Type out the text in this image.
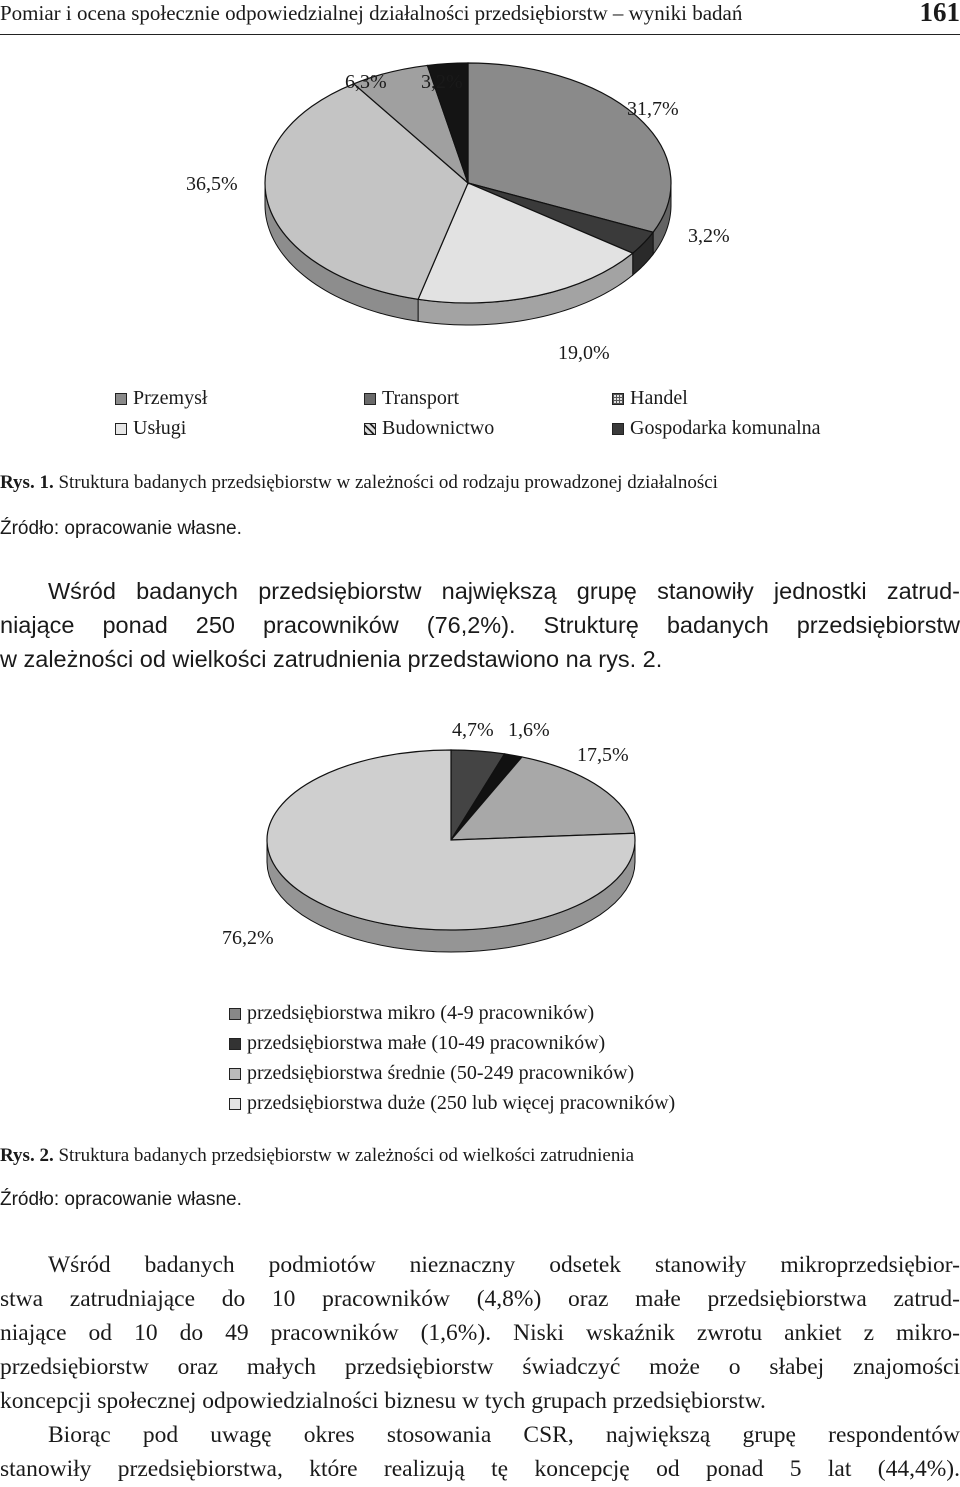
Pomiar i ocena społecznie odpowiedzialnej działalności przedsiębiorstw – wyniki badań	161
31,7%
3,2%
19,0%
36,5%
6,3% 3,2%
Przemysł	Transport	Handel
Usługi	Budownictwo	Gospodarka komunalna
Rys. 1. Struktura badanych przedsiębiorstw w zależności od rodzaju prowadzonej działalności
Źródło: opracowanie własne.
Wśród badanych przedsiębiorstw największą grupę stanowiły jednostki zatrud-
niające ponad 250 pracowników (76,2%). Strukturę badanych przedsiębiorstw
w zależności od wielkości zatrudnienia przedstawiono na rys. 2.
4,7% 1,6%
17,5%
76,2%
przedsiębiorstwa mikro (4-9 pracowników)
przedsiębiorstwa małe (10-49 pracowników)
przedsiębiorstwa średnie (50-249 pracowników)
przedsiębiorstwa duże (250 lub więcej pracowników)
Rys. 2. Struktura badanych przedsiębiorstw w zależności od wielkości zatrudnienia
Źródło: opracowanie własne.
Wśród badanych podmiotów nieznaczny odsetek stanowiły mikroprzedsiębior-
stwa zatrudniające do 10 pracowników (4,8%) oraz małe przedsiębiorstwa zatrud-
niające od 10 do 49 pracowników (1,6%). Niski wskaźnik zwrotu ankiet z mikro-
przedsiębiorstw oraz małych przedsiębiorstw świadczyć może o słabej znajomości
koncepcji społecznej odpowiedzialności biznesu w tych grupach przedsiębiorstw.
Biorąc pod uwagę okres stosowania CSR, największą grupę respondentów
stanowiły przedsiębiorstwa, które realizują tę koncepcję od ponad 5 lat (44,4%).
